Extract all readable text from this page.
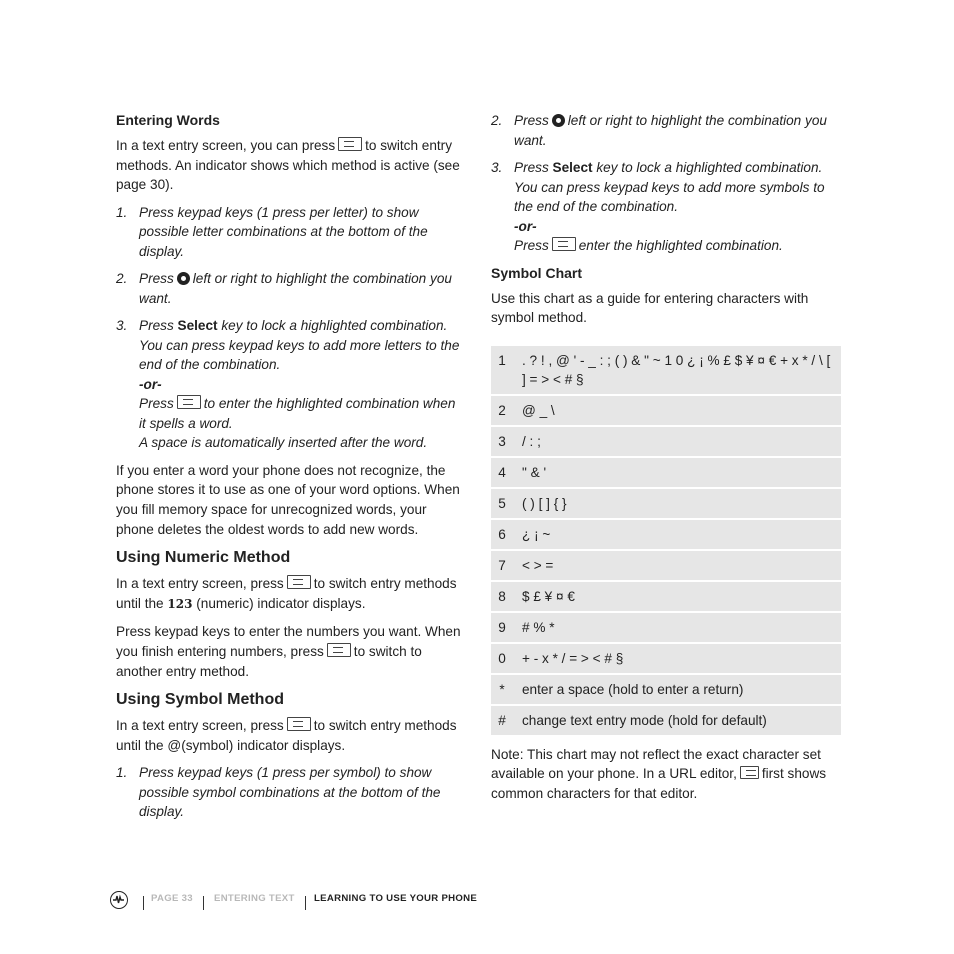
Entering Words

In a text entry screen, you can press to switch entry methods. An indicator shows which method is active (see page 30).

1. Press keypad keys (1 press per letter) to show possible letter combinations at the bottom of the display.
2. Press left or right to highlight the combination you want.
3. Press Select key to lock a highlighted combination. You can press keypad keys to add more letters to the end of the combination.
-or-
Press to enter the highlighted combination when it spells a word.
A space is automatically inserted after the word.

If you enter a word your phone does not recognize, the phone stores it to use as one of your word options. When you fill memory space for unrecognized words, your phone deletes the oldest words to add new words.

Using Numeric Method

In a text entry screen, press to switch entry methods until the 123 (numeric) indicator displays.

Press keypad keys to enter the numbers you want. When you finish entering numbers, press to switch to another entry method.

Using Symbol Method

In a text entry screen, press to switch entry methods until the @(symbol) indicator displays.

1. Press keypad keys (1 press per symbol) to show possible symbol combinations at the bottom of the display.
2. Press left or right to highlight the combination you want.
3. Press Select key to lock a highlighted combination. You can press keypad keys to add more symbols to the end of the combination.
-or-
Press enter the highlighted combination.
Symbol Chart

Use this chart as a guide for entering characters with symbol method.

1	. ? ! , @ ' - _ : ; ( ) & " ~ 1 0 ¿ ¡ % £ $ ¥ ¤ € + x * / \ [ ] = > < # §
2	@ _ \
3	/ : ;
4	" & '
5	( ) [ ] { }
6	¿ ¡ ~
7	< > =
8	$ £ ¥ ¤ €
9	# % *
0	+ - x * / = > < # §
*	enter a space (hold to enter a return)
#	change text entry mode (hold for default)

Note: This chart may not reflect the exact character set available on your phone. In a URL editor, first shows common characters for that editor.

PAGE 33 ENTERING TEXT LEARNING TO USE YOUR PHONE
